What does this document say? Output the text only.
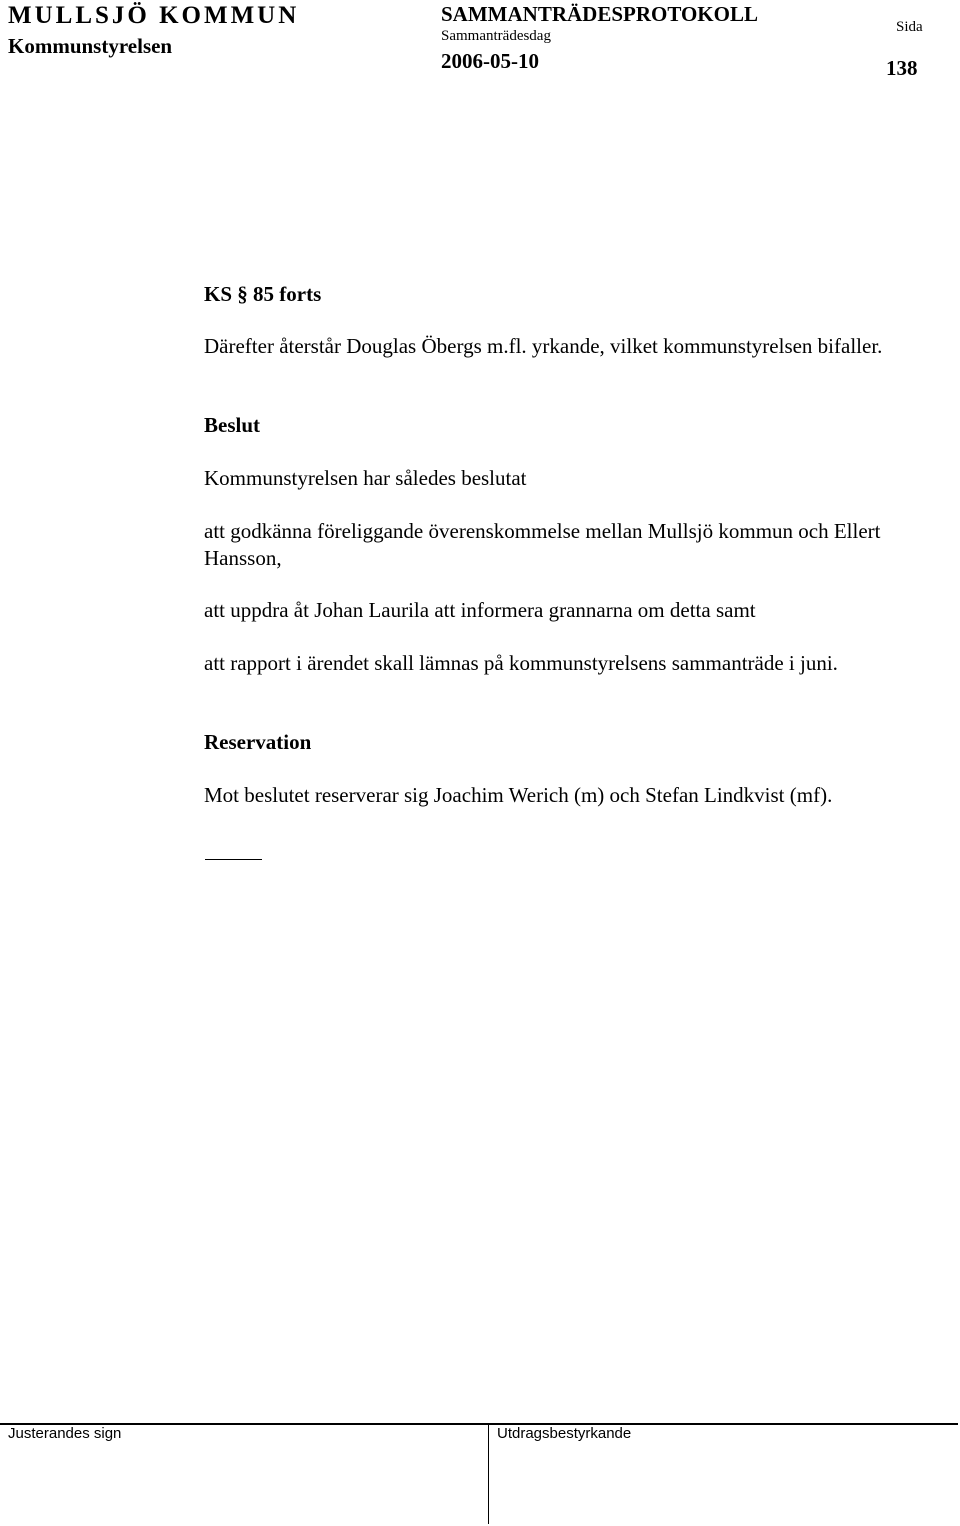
MULLSJÖ KOMMUN
Kommunstyrelsen
SAMMANTRÄDESPROTOKOLL
Sammanträdesdag
2006-05-10
Sida
138
KS § 85 forts
Därefter återstår Douglas Öbergs m.fl. yrkande, vilket kommunstyrelsen bifaller.
Beslut
Kommunstyrelsen har således beslutat
att godkänna föreliggande överenskommelse mellan Mullsjö kommun och Ellert Hansson,
att uppdra åt Johan Laurila att informera grannarna om detta samt
att rapport i ärendet skall lämnas på kommunstyrelsens sammanträde i juni.
Reservation
Mot beslutet reserverar sig Joachim Werich (m) och Stefan Lindkvist (mf).
Justerandes sign	Utdragsbestyrkande
